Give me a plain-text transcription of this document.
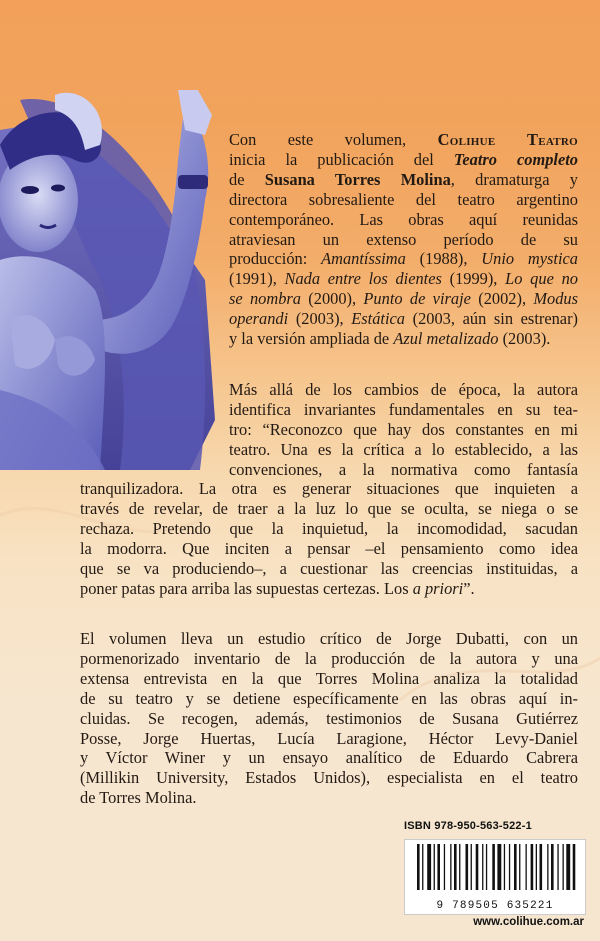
Con este volumen, Colihue Teatro
inicia la publicación del Teatro completo
de Susana Torres Molina, dramaturga y
directora sobresaliente del teatro argentino
contemporáneo. Las obras aquí reunidas
atraviesan un extenso período de su
producción: Amantíssima (1988), Unio mystica
(1991), Nada entre los dientes (1999), Lo que no
se nombra (2000), Punto de viraje (2002), Modus
operandi (2003), Estática (2003, aún sin estrenar)
y la versión ampliada de Azul metalizado (2003).
Más allá de los cambios de época, la autora
identifica invariantes fundamentales en su tea-
tro: “Reconozco que hay dos constantes en mi
teatro. Una es la crítica a lo establecido, a las
convenciones, a la normativa como fantasía
tranquilizadora. La otra es generar situaciones que inquieten a
través de revelar, de traer a la luz lo que se oculta, se niega o se
rechaza. Pretendo que la inquietud, la incomodidad, sacudan
la modorra. Que inciten a pensar –el pensamiento como idea
que se va produciendo–, a cuestionar las creencias instituidas, a
poner patas para arriba las supuestas certezas. Los a priori”.
El volumen lleva un estudio crítico de Jorge Dubatti, con un
pormenorizado inventario de la producción de la autora y una
extensa entrevista en la que Torres Molina analiza la totalidad
de su teatro y se detiene específicamente en las obras aquí in-
cluidas. Se recogen, además, testimonios de Susana Gutiérrez
Posse, Jorge Huertas, Lucía Laragione, Héctor Levy-Daniel
y Víctor Winer y un ensayo analítico de Eduardo Cabrera
(Millikin University, Estados Unidos), especialista en el teatro
de Torres Molina.
ISBN 978-950-563-522-1
9 789505 635221
www.colihue.com.ar
